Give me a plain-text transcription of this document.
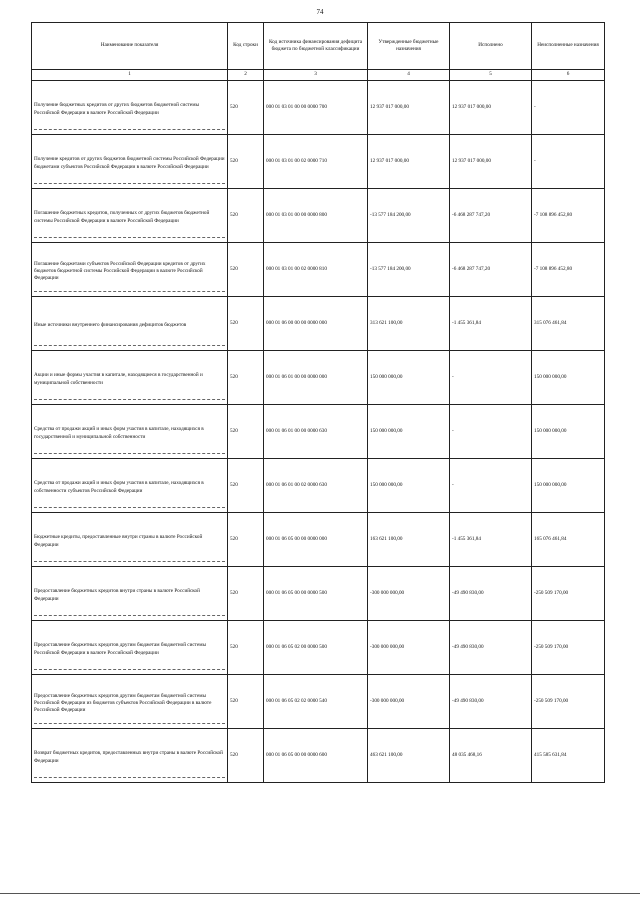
74
Наименование показателя	Код строки	Код источника финансирования дефицита бюджета по бюджетной классификации	Утвержденные бюджетные назначения	Исполнено	Неисполненные назначения
1	2	3	4	5	6
Получение бюджетных кредитов от других бюджетов бюджетной системы Российской Федерации в валюте Российской Федерации	520	000 01 03 01 00 00 0000 700	12 937 017 000,00	12 937 017 000,00	-
Получение кредитов от других бюджетов бюджетной системы Российской Федерации бюджетами субъектов Российской Федерации в валюте Российской Федерации	520	000 01 03 01 00 02 0000 710	12 937 017 000,00	12 937 017 000,00	-
Погашение бюджетных кредитов, полученных от других бюджетов бюджетной системы Российской Федерации в валюте Российской Федерации	520	000 01 03 01 00 00 0000 800	-13 577 184 200,00	-6 468 287 747,20	-7 108 896 452,80
Погашение бюджетами субъектов Российской Федерации кредитов от других бюджетов бюджетной системы Российской Федерации в валюте Российской Федерации	520	000 01 03 01 00 02 0000 810	-13 577 184 200,00	-6 468 287 747,20	-7 108 896 452,80
Иные источники внутреннего финансирования дефицитов бюджетов	520	000 01 06 00 00 00 0000 000	313 621 100,00	-1 455 361,84	315 076 461,84
Акции и иные формы участия в капитале, находящиеся в государственной и муниципальной собственности	520	000 01 06 01 00 00 0000 000	150 000 000,00	-	150 000 000,00
Средства от продажи акций и иных форм участия в капитале, находящихся в государственной и муниципальной собственности	520	000 01 06 01 00 00 0000 630	150 000 000,00	-	150 000 000,00
Средства от продажи акций и иных форм участия в капитале, находящихся в собственности субъектов Российской Федерации	520	000 01 06 01 00 02 0000 630	150 000 000,00	-	150 000 000,00
Бюджетные кредиты, предоставленные внутри страны в валюте Российской Федерации	520	000 01 06 05 00 00 0000 000	163 621 100,00	-1 455 361,84	165 076 461,84
Предоставление бюджетных кредитов внутри страны в валюте Российской Федерации	520	000 01 06 05 00 00 0000 500	-300 000 000,00	-49 490 830,00	-250 509 170,00
Предоставление бюджетных кредитов другим бюджетам бюджетной системы Российской Федерации в валюте Российской Федерации	520	000 01 06 05 02 00 0000 500	-300 000 000,00	-49 490 830,00	-250 509 170,00
Предоставление бюджетных кредитов другим бюджетам бюджетной системы Российской Федерации из бюджетов субъектов Российской Федерации в валюте Российской Федерации	520	000 01 06 05 02 02 0000 540	-300 000 000,00	-49 490 830,00	-250 509 170,00
Возврат бюджетных кредитов, предоставленных внутри страны в валюте Российской Федерации	520	000 01 06 05 00 00 0000 600	463 621 100,00	48 035 468,16	415 585 631,84
